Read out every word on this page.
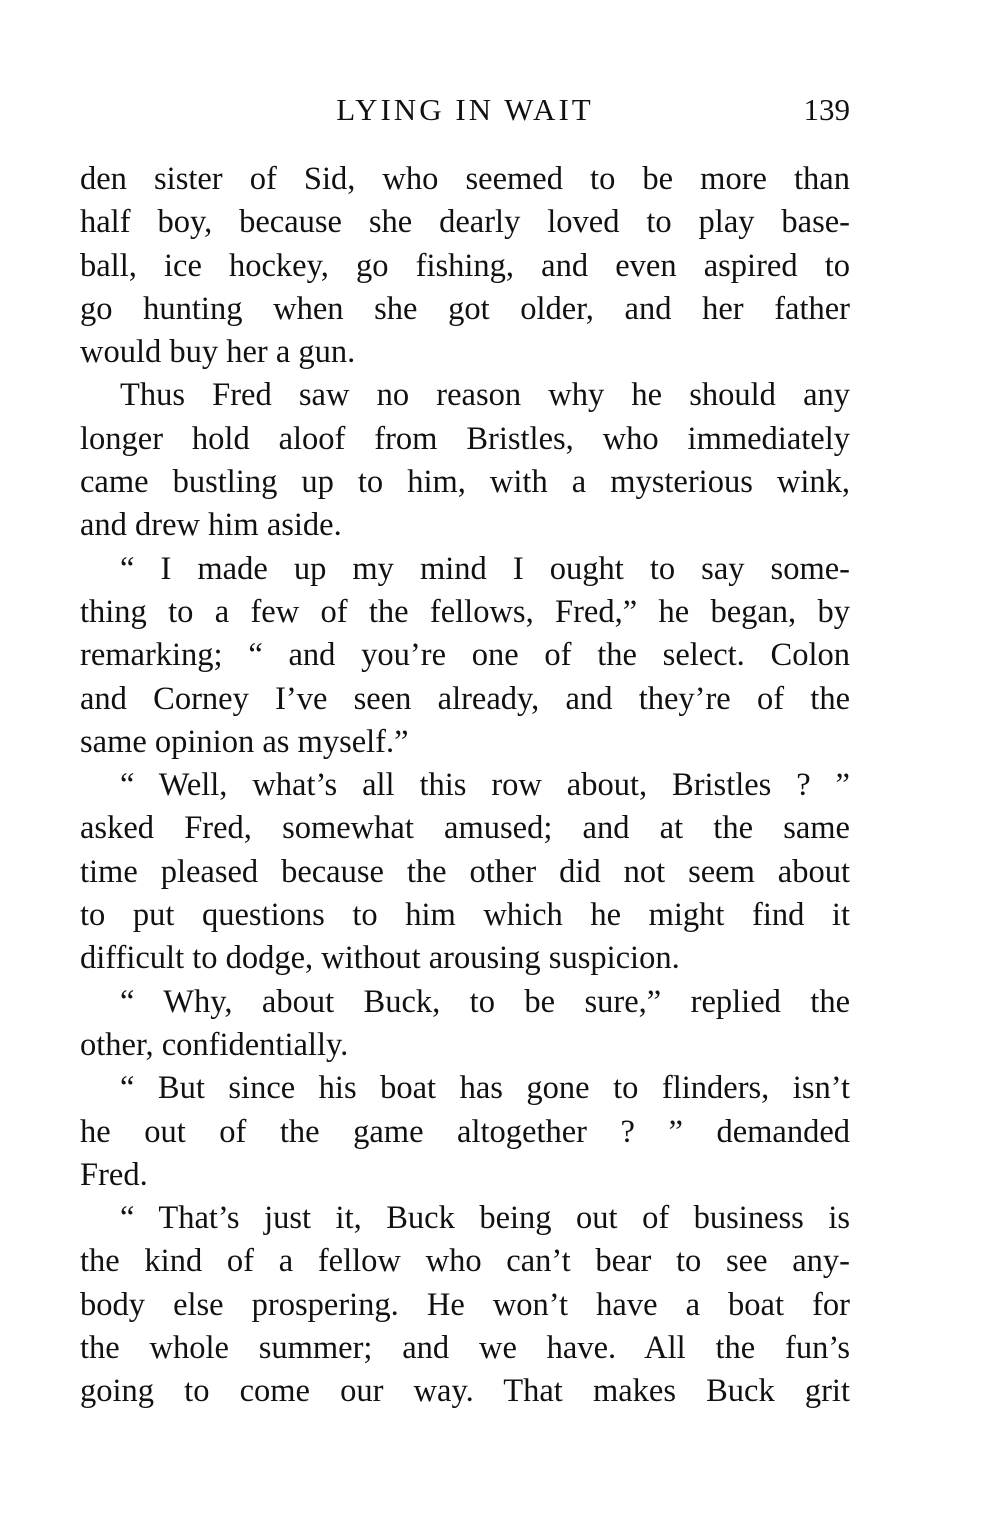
LYING IN WAIT	139
den sister of Sid, who seemed to be more than
half boy, because she dearly loved to play base-
ball, ice hockey, go fishing, and even aspired to
go hunting when she got older, and her father
would buy her a gun.
Thus Fred saw no reason why he should any
longer hold aloof from Bristles, who immediately
came bustling up to him, with a mysterious wink,
and drew him aside.
“ I made up my mind I ought to say some-
thing to a few of the fellows, Fred,” he began, by
remarking; “ and you’re one of the select. Colon
and Corney I’ve seen already, and they’re of the
same opinion as myself.”
“ Well, what’s all this row about, Bristles ? ”
asked Fred, somewhat amused; and at the same
time pleased because the other did not seem about
to put questions to him which he might find it
difficult to dodge, without arousing suspicion.
“ Why, about Buck, to be sure,” replied the
other, confidentially.
“ But since his boat has gone to flinders, isn’t
he out of the game altogether ? ” demanded
Fred.
“ That’s just it, Buck being out of business is
the kind of a fellow who can’t bear to see any-
body else prospering. He won’t have a boat for
the whole summer; and we have. All the fun’s
going to come our way. That makes Buck grit
